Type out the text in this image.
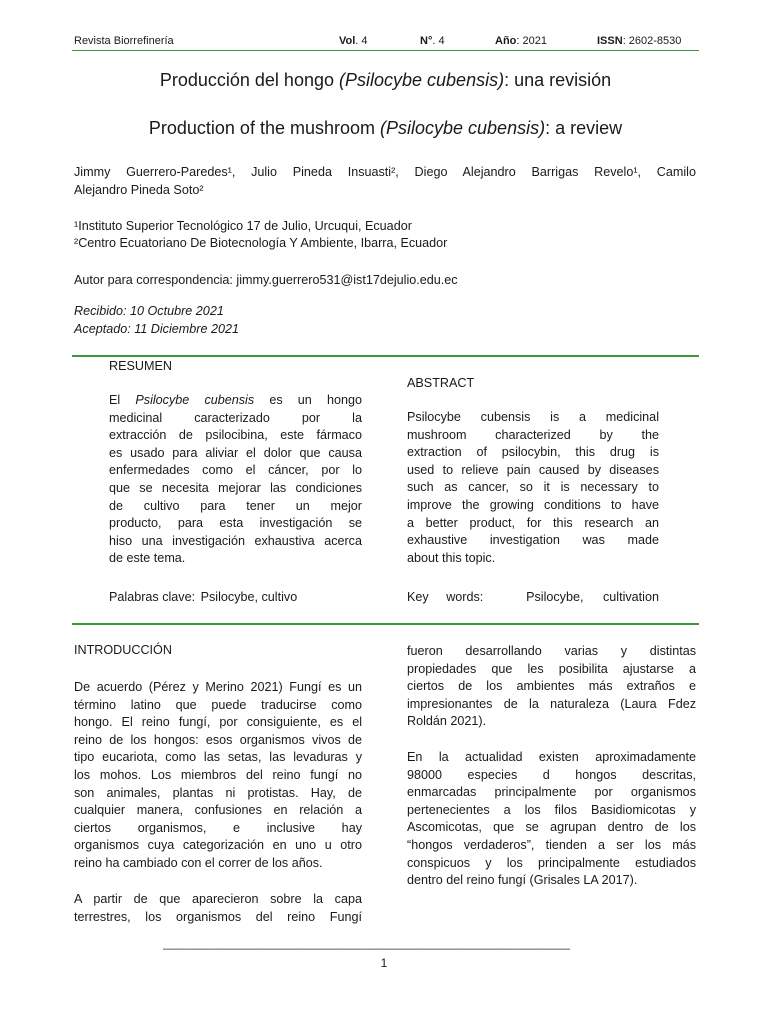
Revista Biorrefinería	Vol. 4	N°. 4	Año: 2021	ISSN: 2602-8530
Producción del hongo (Psilocybe cubensis): una revisión
Production of the mushroom (Psilocybe cubensis): a review
Jimmy Guerrero-Paredes¹, Julio Pineda Insuasti², Diego Alejandro Barrigas Revelo¹, Camilo
Alejandro Pineda Soto²
¹Instituto Superior Tecnológico 17 de Julio, Urcuqui, Ecuador
²Centro Ecuatoriano De Biotecnología Y Ambiente, Ibarra, Ecuador
Autor para correspondencia: jimmy.guerrero531@ist17dejulio.edu.ec
Recibido: 10 Octubre 2021
Aceptado: 11 Diciembre 2021
RESUMEN
El Psilocybe cubensis es un hongo
medicinal caracterizado por la
extracción de psilocibina, este fármaco
es usado para aliviar el dolor que causa
enfermedades como el cáncer, por lo
que se necesita mejorar las condiciones
de cultivo para tener un mejor
producto, para esta investigación se
hiso una investigación exhaustiva acerca
de este tema.
Palabras clave: Psilocybe, cultivo
ABSTRACT
Psilocybe cubensis is a medicinal
mushroom characterized by the
extraction of psilocybin, this drug is
used to relieve pain caused by diseases
such as cancer, so it is necessary to
improve the growing conditions to have
a better product, for this research an
exhaustive investigation was made
about this topic.
Key words:	Psilocybe, cultivation
INTRODUCCIÓN
De acuerdo (Pérez y Merino 2021) Fungí es un
término latino que puede traducirse como
hongo. El reino fungí, por consiguiente, es el
reino de los hongos: esos organismos vivos de
tipo eucariota, como las setas, las levaduras y
los mohos. Los miembros del reino fungí no
son animales, plantas ni protistas. Hay, de
cualquier manera, confusiones en relación a
ciertos organismos, e inclusive hay
organismos cuya categorización en uno u otro
reino ha cambiado con el correr de los años.
A partir de que aparecieron sobre la capa
terrestres, los organismos del reino Fungí
fueron desarrollando varias y distintas
propiedades que les posibilita ajustarse a
ciertos de los ambientes más extraños e
impresionantes de la naturaleza (Laura Fdez
Roldán 2021).
En la actualidad existen aproximadamente
98000 especies d hongos descritas,
enmarcadas principalmente por organismos
pertenecientes a los filos Basidiomicotas y
Ascomicotas, que se agrupan dentro de los
“hongos verdaderos”, tienden a ser los más
conspicuos y los principalmente estudiados
dentro del reino fungí (Grisales LA 2017).
_____________________________________________________________
1
